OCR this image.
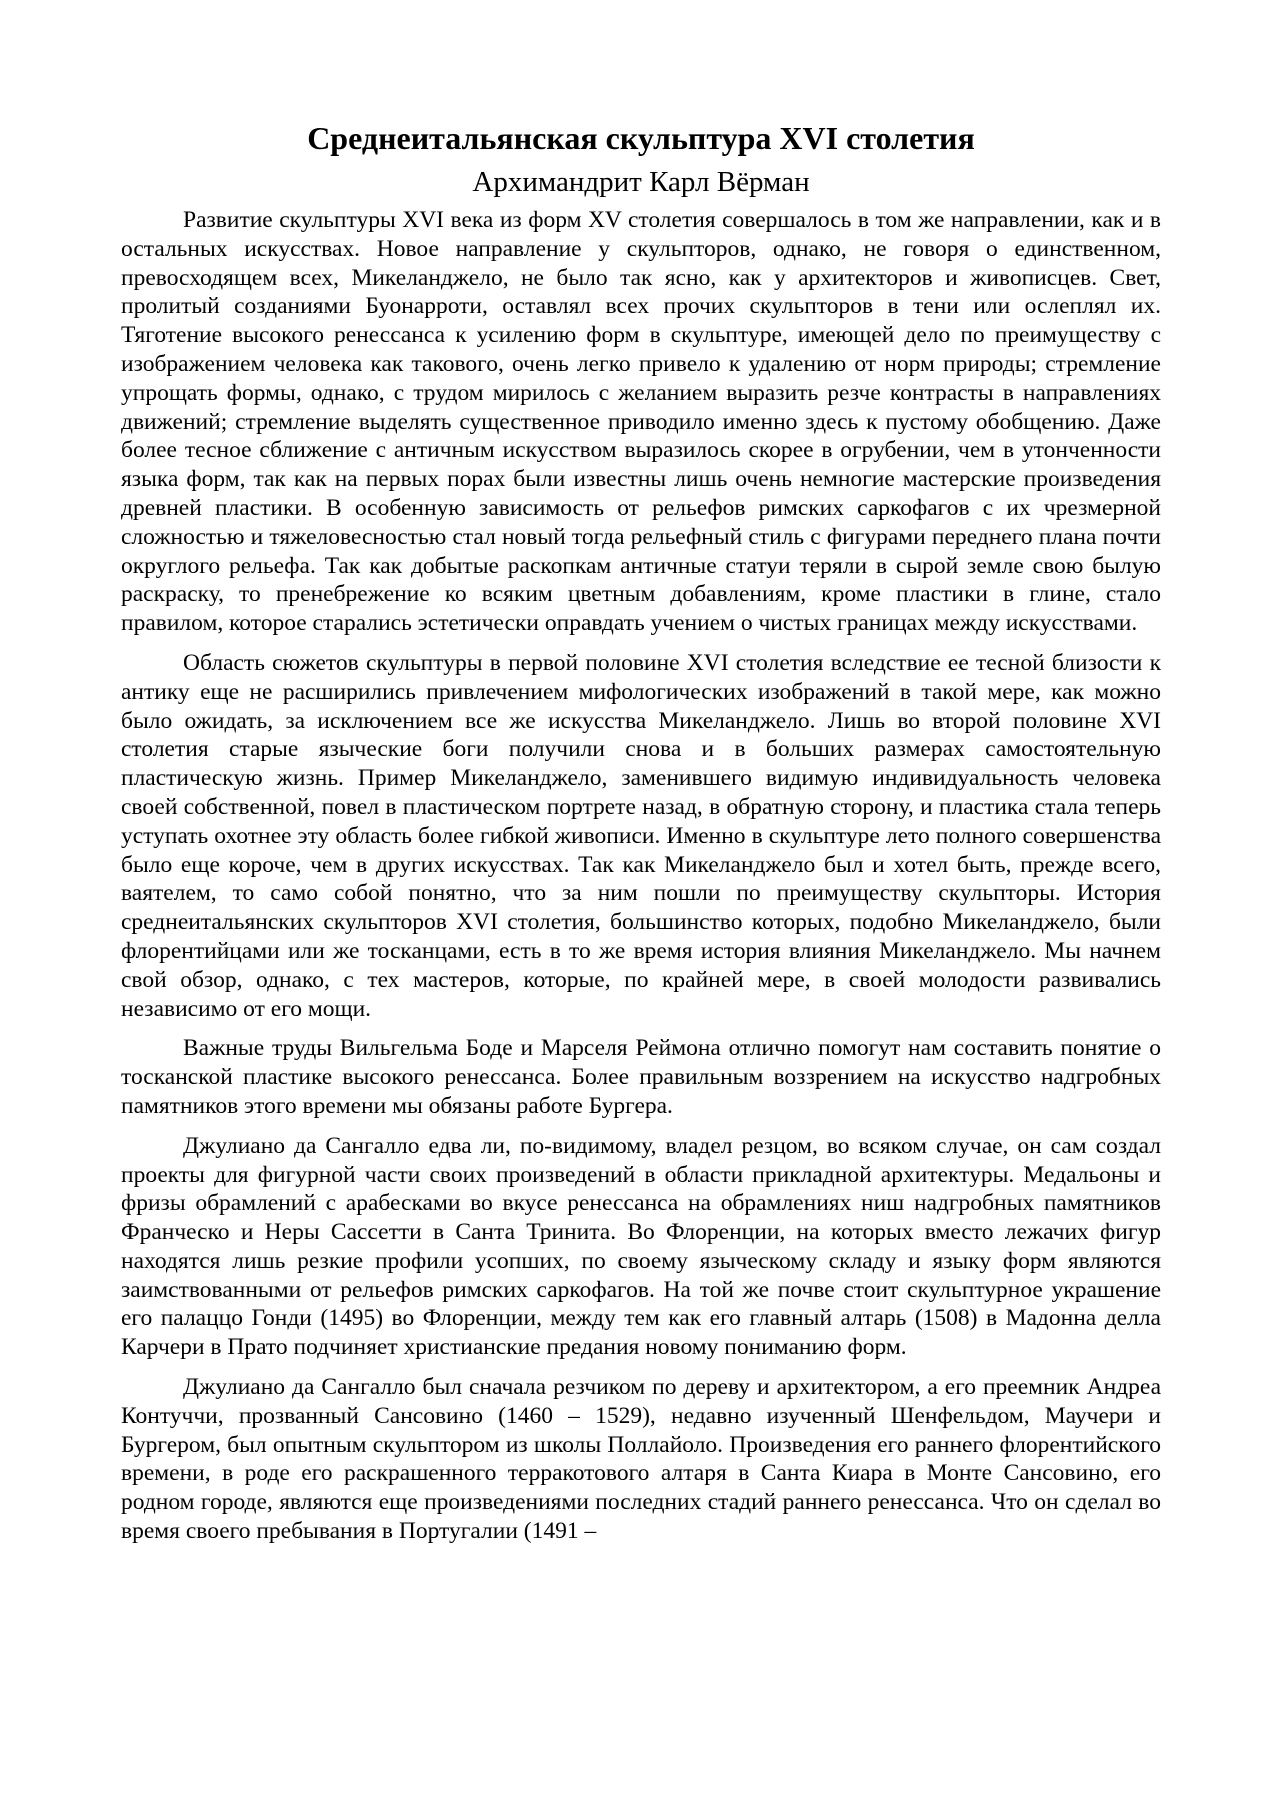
Среднеитальянская скульптура XVI столетия
Архимандрит Карл Вёрман

Развитие скульптуры XVI века из форм XV столетия совершалось в том же направлении, как и в остальных искусствах. Новое направление у скульпторов, однако, не говоря о единственном, превосходящем всех, Микеланджело, не было так ясно, как у архитекторов и живописцев. Свет, пролитый созданиями Буонарроти, оставлял всех прочих скульпторов в тени или ослеплял их. Тяготение высокого ренессанса к усилению форм в скульптуре, имеющей дело по преимуществу с изображением человека как такового, очень легко привело к удалению от норм природы; стремление упрощать формы, однако, с трудом мирилось с желанием выразить резче контрасты в направлениях движений; стремление выделять существенное приводило именно здесь к пустому обобщению. Даже более тесное сближение с античным искусством выразилось скорее в огрубении, чем в утонченности языка форм, так как на первых порах были известны лишь очень немногие мастерские произведения древней пластики. В особенную зависимость от рельефов римских саркофагов с их чрезмерной сложностью и тяжеловесностью стал новый тогда рельефный стиль с фигурами переднего плана почти округлого рельефа. Так как добытые раскопкам античные статуи теряли в сырой земле свою былую раскраску, то пренебрежение ко всяким цветным добавлениям, кроме пластики в глине, стало правилом, которое старались эстетически оправдать учением о чистых границах между искусствами.

Область сюжетов скульптуры в первой половине XVI столетия вследствие ее тесной близости к антику еще не расширились привлечением мифологических изображений в такой мере, как можно было ожидать, за исключением все же искусства Микеланджело. Лишь во второй половине XVI столетия старые языческие боги получили снова и в больших размерах самостоятельную пластическую жизнь. Пример Микеланджело, заменившего видимую индивидуальность человека своей собственной, повел в пластическом портрете назад, в обратную сторону, и пластика стала теперь уступать охотнее эту область более гибкой живописи. Именно в скульптуре лето полного совершенства было еще короче, чем в других искусствах. Так как Микеланджело был и хотел быть, прежде всего, ваятелем, то само собой понятно, что за ним пошли по преимуществу скульпторы. История среднеитальянских скульпторов XVI столетия, большинство которых, подобно Микеланджело, были флорентийцами или же тосканцами, есть в то же время история влияния Микеланджело. Мы начнем свой обзор, однако, с тех мастеров, которые, по крайней мере, в своей молодости развивались независимо от его мощи.

Важные труды Вильгельма Боде и Марселя Реймона отлично помогут нам составить понятие о тосканской пластике высокого ренессанса. Более правильным воззрением на искусство надгробных памятников этого времени мы обязаны работе Бургера.

Джулиано да Сангалло едва ли, по-видимому, владел резцом, во всяком случае, он сам создал проекты для фигурной части своих произведений в области прикладной архитектуры. Медальоны и фризы обрамлений с арабесками во вкусе ренессанса на обрамлениях ниш надгробных памятников Франческо и Неры Сассетти в Санта Тринита. Во Флоренции, на которых вместо лежачих фигур находятся лишь резкие профили усопших, по своему языческому складу и языку форм являются заимствованными от рельефов римских саркофагов. На той же почве стоит скульптурное украшение его палаццо Гонди (1495) во Флоренции, между тем как его главный алтарь (1508) в Мадонна делла Карчери в Прато подчиняет христианские предания новому пониманию форм.

Джулиано да Сангалло был сначала резчиком по дереву и архитектором, а его преемник Андреа Контуччи, прозванный Сансовино (1460 – 1529), недавно изученный Шенфельдом, Маучери и Бургером, был опытным скульптором из школы Поллайоло. Произведения его раннего флорентийского времени, в роде его раскрашенного терракотового алтаря в Санта Киара в Монте Сансовино, его родном городе, являются еще произведениями последних стадий раннего ренессанса. Что он сделал во время своего пребывания в Португалии (1491 –
